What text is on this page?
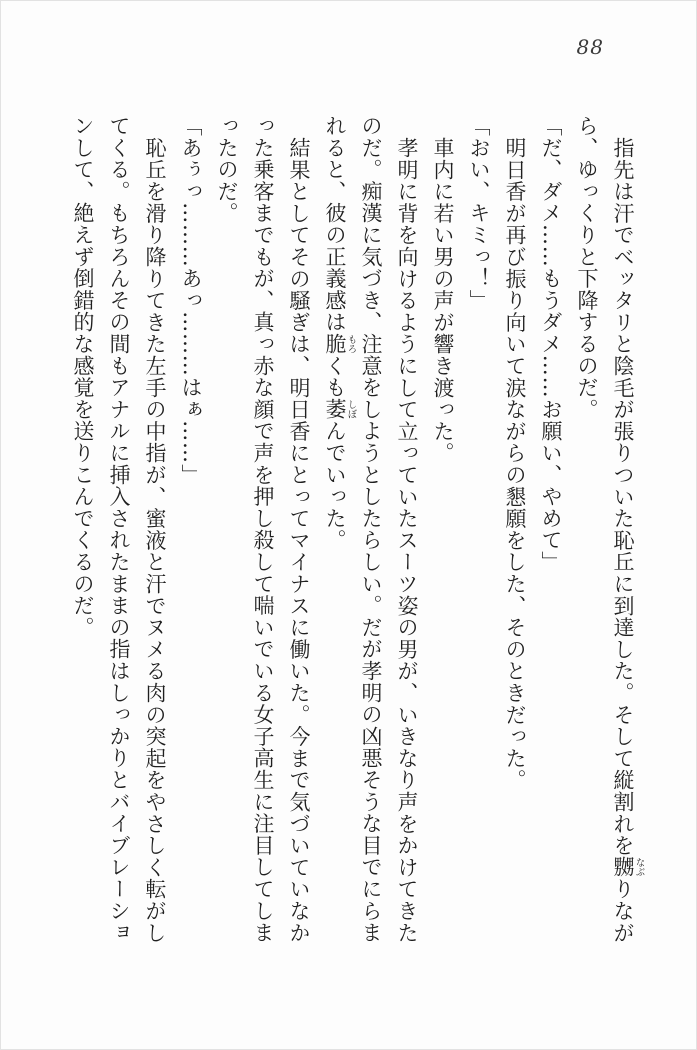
88

指先は汗でベッタリと陰毛が張りついた恥丘に到達した。そして縦割れを嬲なぶりながら、ゆっくりと下降するのだ。

「だ、ダメ……もうダメ……お願い、やめて」

明日香が再び振り向いて涙ながらの懇願をした、そのときだった。

「おい、キミっ！」

車内に若い男の声が響き渡った。

孝明に背を向けるようにして立っていたスーツ姿の男が、いきなり声をかけてきたのだ。痴漢に気づき、注意をしようとしたらしい。だが孝明の凶悪そうな目でにらまれると、彼の正義感は脆もろくも萎しぼんでいった。

結果としてその騒ぎは、明日香にとってマイナスに働いた。今まで気づいていなかった乗客までもが、真っ赤な顔で声を押し殺して喘いでいる女子高生に注目してしまったのだ。

「あぅっ………あっ………はぁ……」

恥丘を滑り降りてきた左手の中指が、蜜液と汗でヌメる肉の突起をやさしく転がしてくる。もちろんその間もアナルに挿入されたままの指はしっかりとバイブレーションして、絶えず倒錯的な感覚を送りこんでくるのだ。
